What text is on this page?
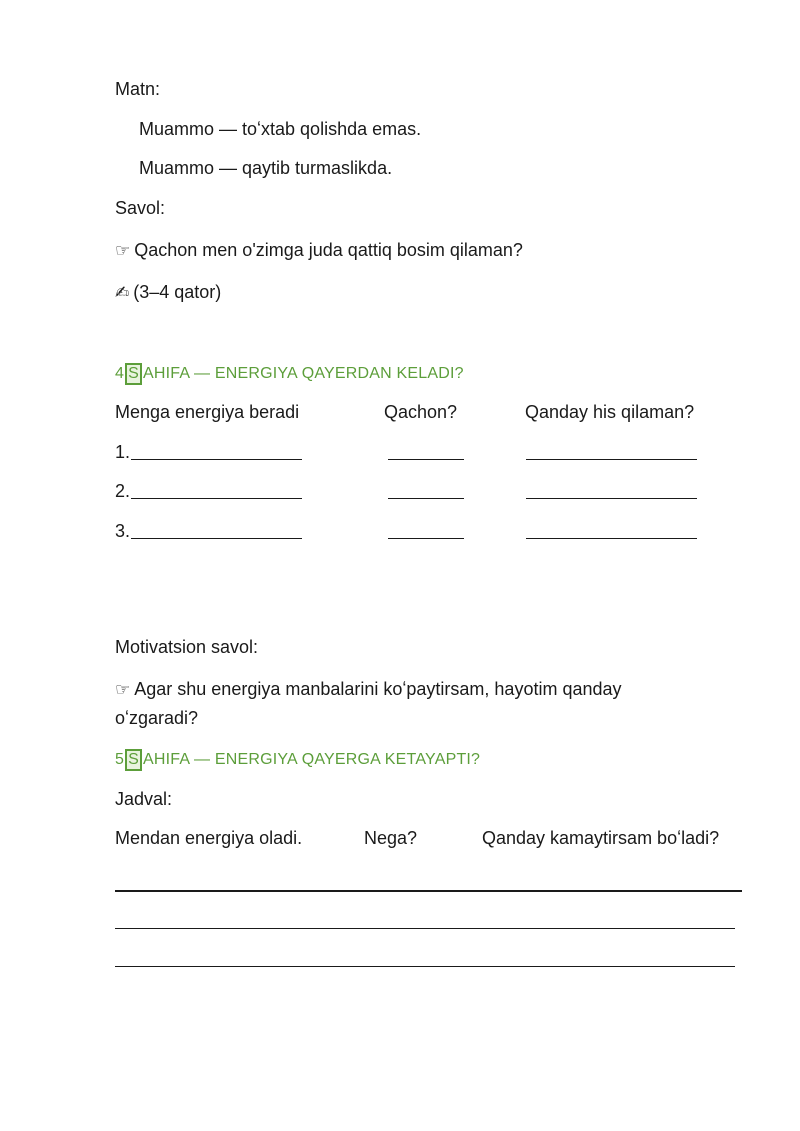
Matn:
Muammo — toʻxtab qolishda emas.
Muammo — qaytib turmaslikda.
Savol:
☞ Qachon men o'zimga juda qattiq bosim qilaman?
✍ (3–4 qator)
4 S AHIFA — ENERGIYA QAYERDAN KELADI?
Menga energiya beradi	Qachon?	Qanday his qilaman?
1.
2.
3.
Motivatsion savol:
☞ Agar shu energiya manbalarini koʻpaytirsam, hayotim qanday
oʻzgaradi?
5 S AHIFA — ENERGIYA QAYERGA KETAYAPTI?
Jadval:
Mendan energiya oladi.	Nega?	Qanday kamaytirsam boʻladi?
